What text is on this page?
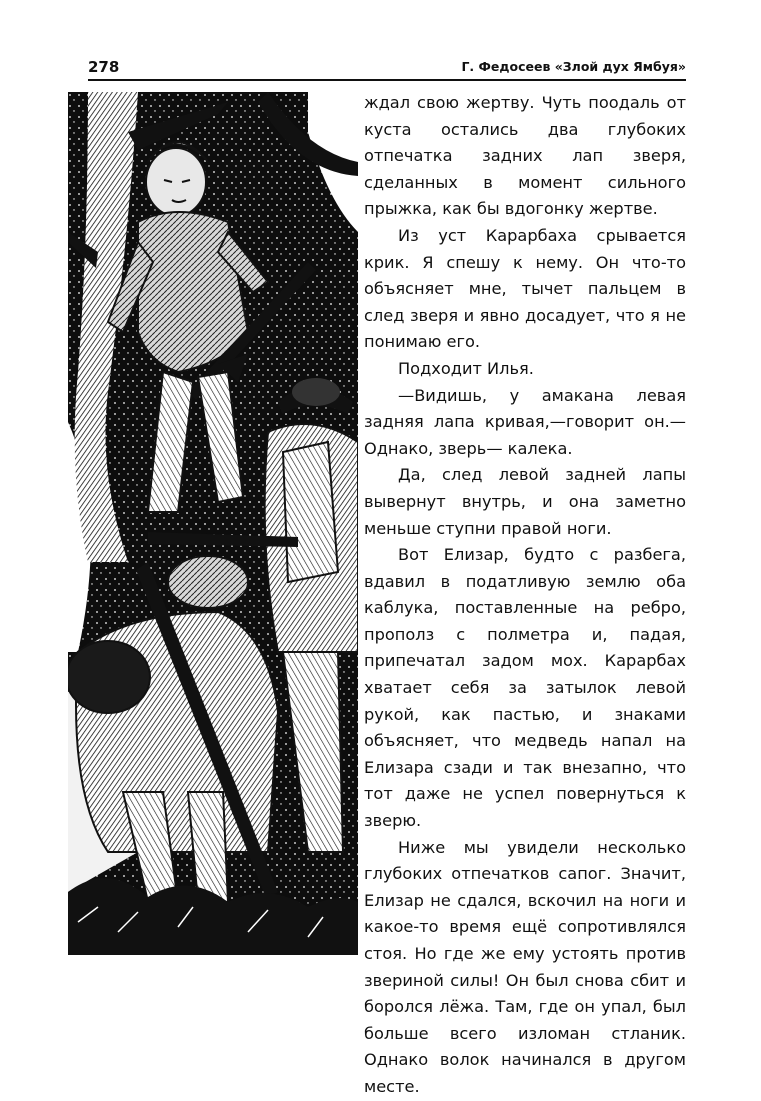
278	Г. Федосеев «Злой дух Ямбуя»

ждал свою жертву. Чуть поодаль от куста остались два глубоких отпечатка задних лап зверя, сделанных в момент сильного прыжка, как бы вдогонку жертве.

Из уст Карарбаха срывается крик. Я спешу к нему. Он что-то объясняет мне, тычет пальцем в след зверя и явно досадует, что я не понимаю его.

Подходит Илья.

—Видишь, у амакана левая задняя лапа кривая,—говорит он.— Однако, зверь— калека.

Да, след левой задней лапы вывернут внутрь, и она заметно меньше ступни правой ноги.

Вот Елизар, будто с разбега, вдавил в податливую землю оба каблука, поставленные на ребро, прополз с полметра и, падая, припечатал задом мох. Карарбах хватает себя за затылок левой рукой, как пастью, и знаками объясняет, что медведь напал на Елизара сзади и так внезапно, что тот даже не успел повернуться к зверю.

Ниже мы увидели несколько глубоких отпечатков сапог. Значит, Елизар не сдался, вскочил на ноги и какое-то время ещё сопротивлялся стоя. Но где же ему устоять против звериной силы! Он был снова сбит и боролся лёжа. Там, где он упал, был больше всего изломан стланик. Однако волок начинался в другом месте.
